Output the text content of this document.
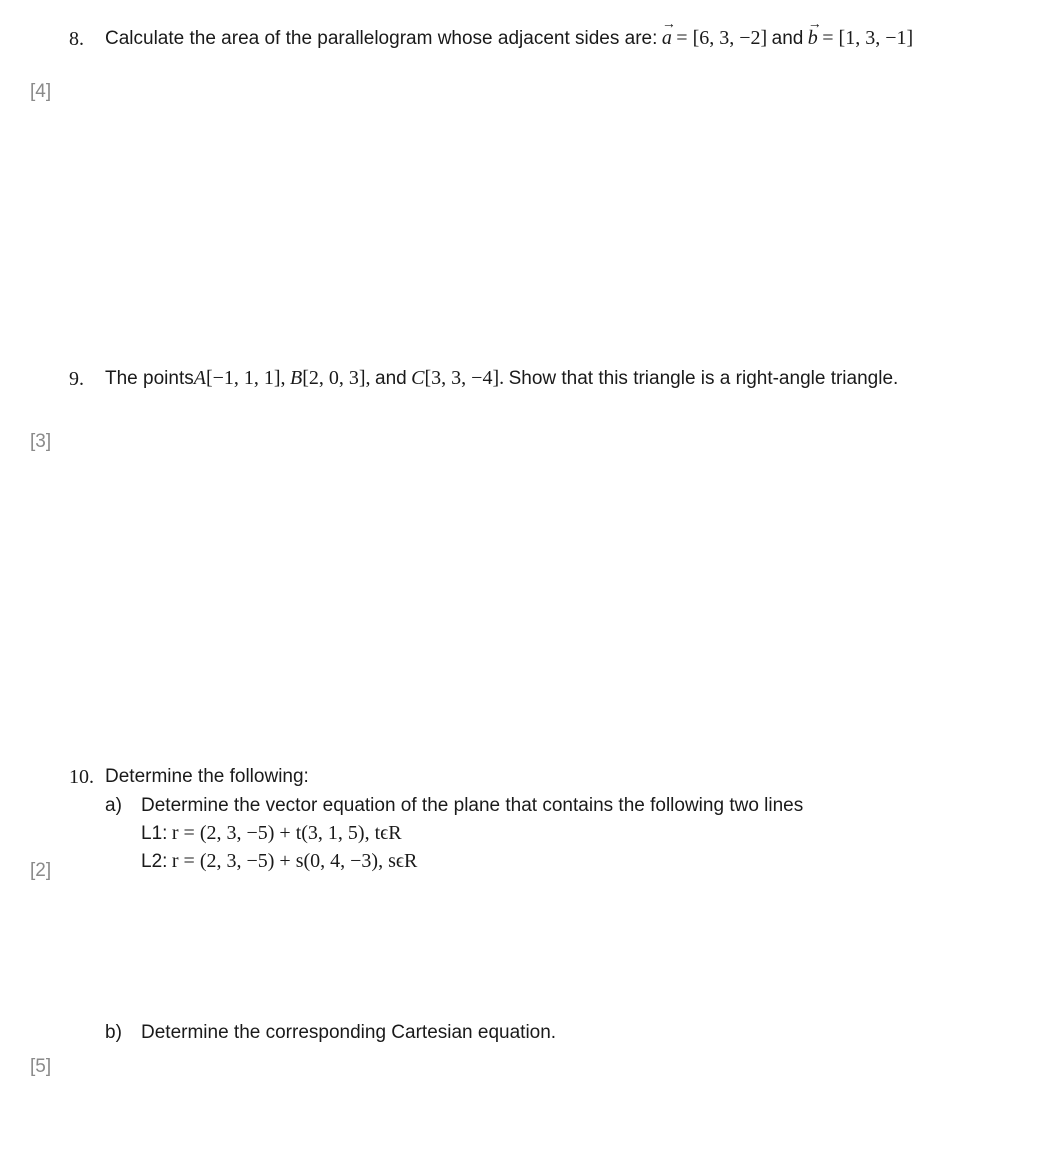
8. Calculate the area of the parallelogram whose adjacent sides are:
→
a = [6, 3, −2] and
→
b = [1, 3, −1]
[4]
9. The pointsA[−1, 1, 1], B[2, 0, 3], and C[3, 3, −4]. Show that this triangle is a right-angle triangle.
[3]
10. Determine the following:
a) Determine the vector equation of the plane that contains the following two lines
L1: r = (2, 3, −5) + t(3, 1, 5), tϵR
L2: r = (2, 3, −5) + s(0, 4, −3), sϵR
[2]
b) Determine the corresponding Cartesian equation.
[5]
